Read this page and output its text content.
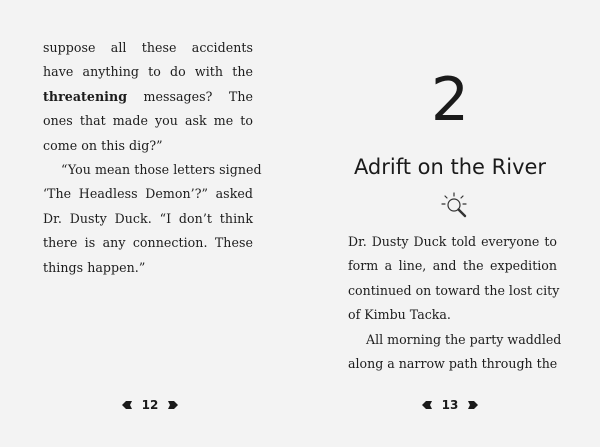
suppose all these accidents
have anything to do with the
threatening messages? The
ones that made you ask me to
come on this dig?”

“You mean those letters signed
‘The Headless Demon’?” asked
Dr. Dusty Duck. “I don’t think
there is any connection. These
things happen.”

12
2
Adrift on the River

Dr. Dusty Duck told everyone to
form a line, and the expedition
continued on toward the lost city
of Kimbu Tacka.

All morning the party waddled
along a narrow path through the

13
